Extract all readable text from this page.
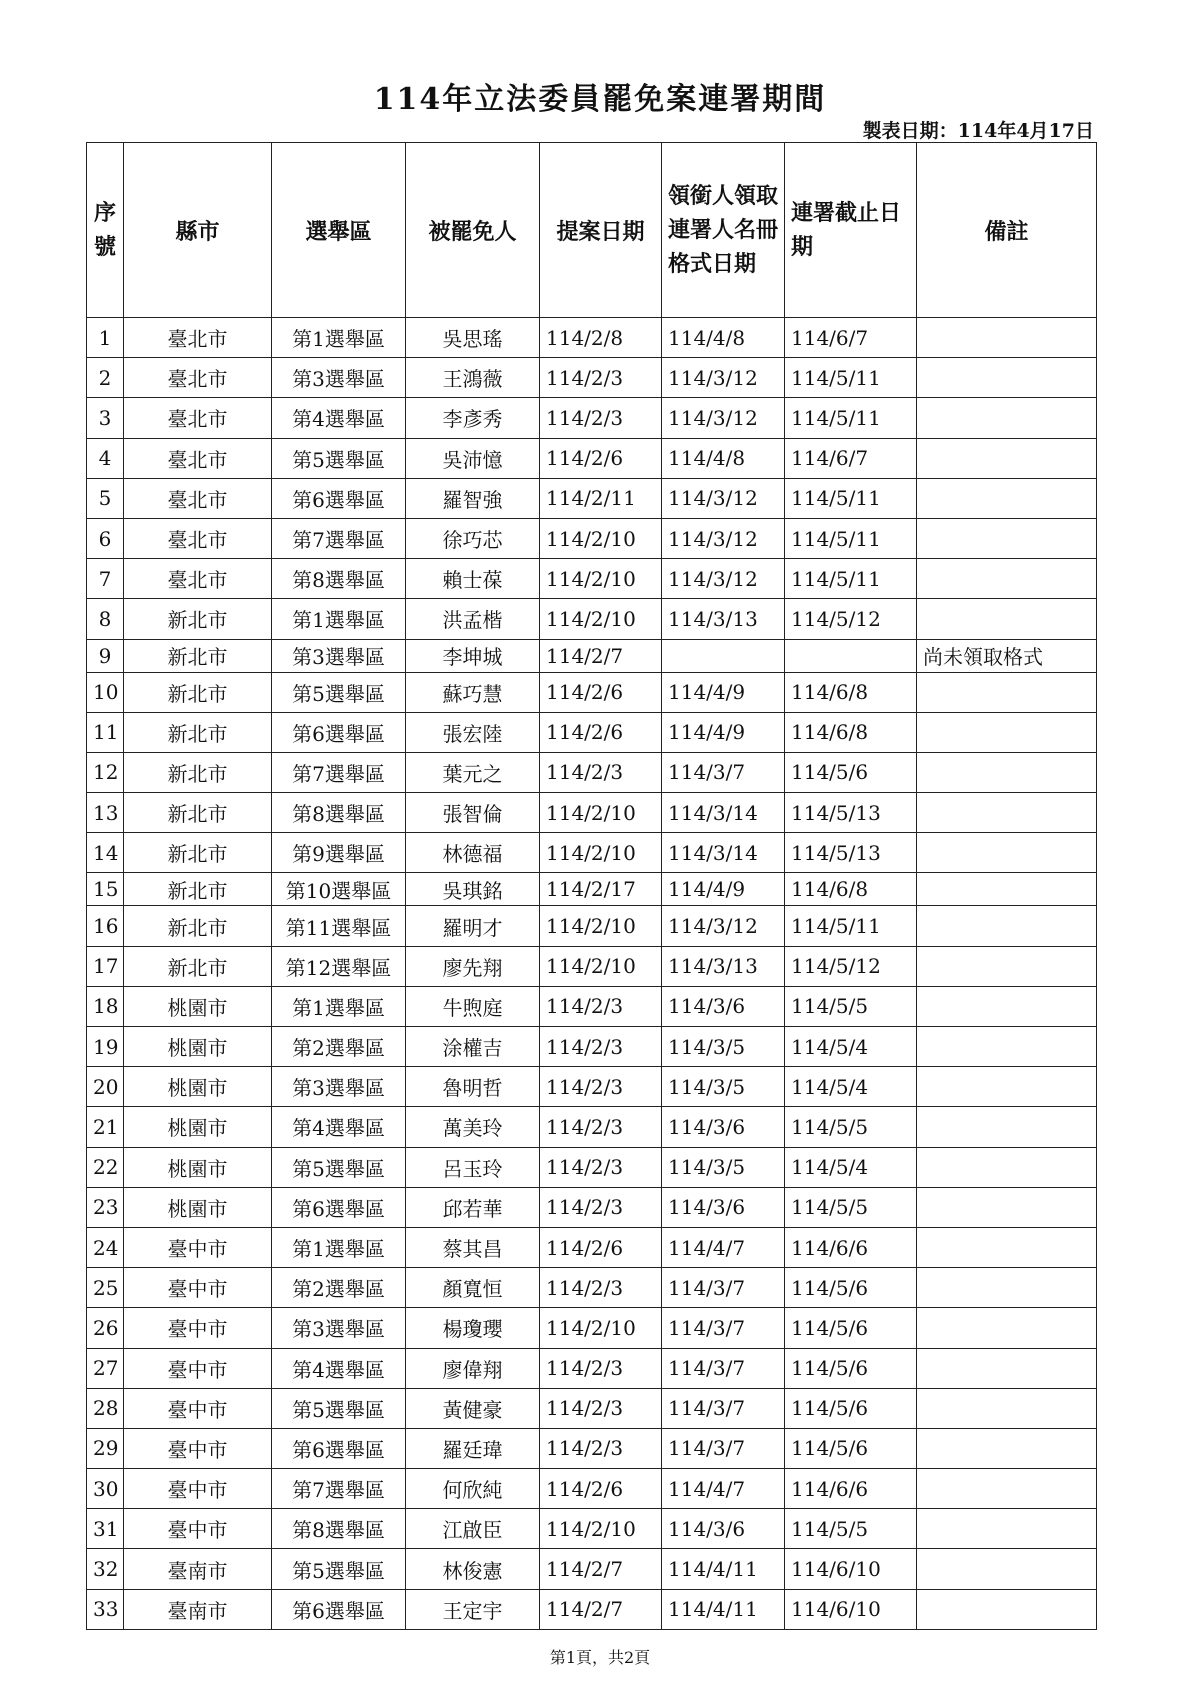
114年立法委員罷免案連署期間
製表日期：114年4月17日
序號	縣市	選舉區	被罷免人	提案日期	領銜人領取連署人名冊格式日期	連署截止日期	備註
1	臺北市	第1選舉區	吳思瑤	114/2/8	114/4/8	114/6/7	
2	臺北市	第3選舉區	王鴻薇	114/2/3	114/3/12	114/5/11	
3	臺北市	第4選舉區	李彥秀	114/2/3	114/3/12	114/5/11	
4	臺北市	第5選舉區	吳沛憶	114/2/6	114/4/8	114/6/7	
5	臺北市	第6選舉區	羅智強	114/2/11	114/3/12	114/5/11	
6	臺北市	第7選舉區	徐巧芯	114/2/10	114/3/12	114/5/11	
7	臺北市	第8選舉區	賴士葆	114/2/10	114/3/12	114/5/11	
8	新北市	第1選舉區	洪孟楷	114/2/10	114/3/13	114/5/12	
9	新北市	第3選舉區	李坤城	114/2/7			尚未領取格式
10	新北市	第5選舉區	蘇巧慧	114/2/6	114/4/9	114/6/8	
11	新北市	第6選舉區	張宏陸	114/2/6	114/4/9	114/6/8	
12	新北市	第7選舉區	葉元之	114/2/3	114/3/7	114/5/6	
13	新北市	第8選舉區	張智倫	114/2/10	114/3/14	114/5/13	
14	新北市	第9選舉區	林德福	114/2/10	114/3/14	114/5/13	
15	新北市	第10選舉區	吳琪銘	114/2/17	114/4/9	114/6/8	
16	新北市	第11選舉區	羅明才	114/2/10	114/3/12	114/5/11	
17	新北市	第12選舉區	廖先翔	114/2/10	114/3/13	114/5/12	
18	桃園市	第1選舉區	牛煦庭	114/2/3	114/3/6	114/5/5	
19	桃園市	第2選舉區	涂權吉	114/2/3	114/3/5	114/5/4	
20	桃園市	第3選舉區	魯明哲	114/2/3	114/3/5	114/5/4	
21	桃園市	第4選舉區	萬美玲	114/2/3	114/3/6	114/5/5	
22	桃園市	第5選舉區	呂玉玲	114/2/3	114/3/5	114/5/4	
23	桃園市	第6選舉區	邱若華	114/2/3	114/3/6	114/5/5	
24	臺中市	第1選舉區	蔡其昌	114/2/6	114/4/7	114/6/6	
25	臺中市	第2選舉區	顏寬恒	114/2/3	114/3/7	114/5/6	
26	臺中市	第3選舉區	楊瓊瓔	114/2/10	114/3/7	114/5/6	
27	臺中市	第4選舉區	廖偉翔	114/2/3	114/3/7	114/5/6	
28	臺中市	第5選舉區	黃健豪	114/2/3	114/3/7	114/5/6	
29	臺中市	第6選舉區	羅廷瑋	114/2/3	114/3/7	114/5/6	
30	臺中市	第7選舉區	何欣純	114/2/6	114/4/7	114/6/6	
31	臺中市	第8選舉區	江啟臣	114/2/10	114/3/6	114/5/5	
32	臺南市	第5選舉區	林俊憲	114/2/7	114/4/11	114/6/10	
33	臺南市	第6選舉區	王定宇	114/2/7	114/4/11	114/6/10	
第1頁，共2頁
